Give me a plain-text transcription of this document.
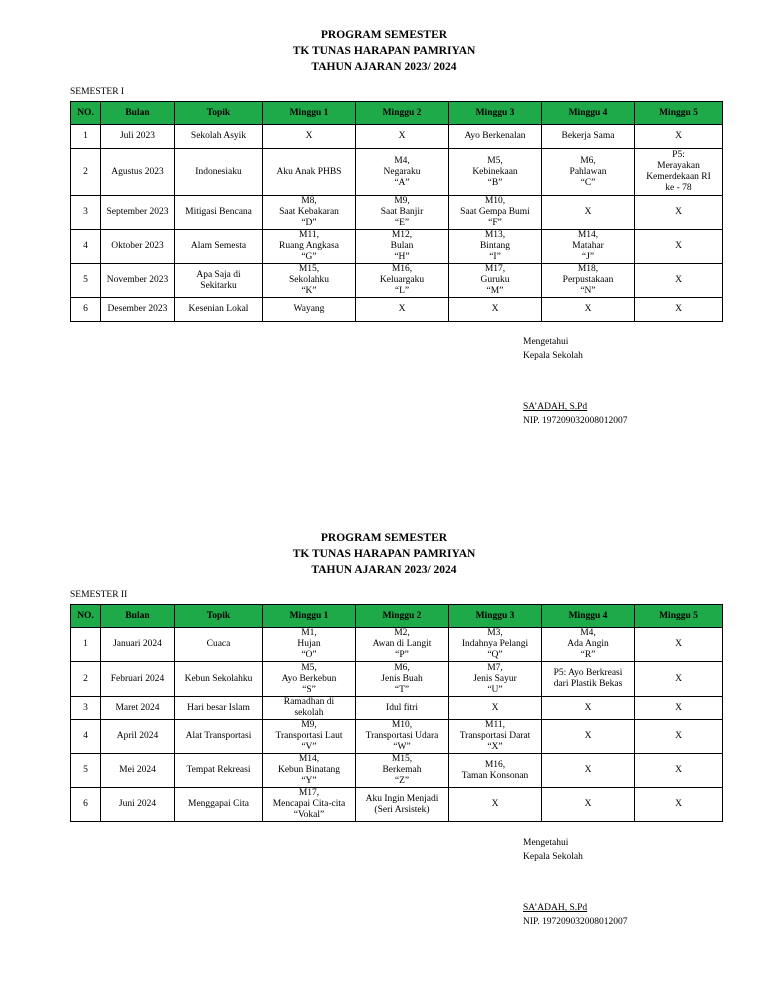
PROGRAM SEMESTER
TK TUNAS HARAPAN PAMRIYAN
TAHUN AJARAN 2023/ 2024
SEMESTER I
NO.	Bulan	Topik	Minggu 1	Minggu 2	Minggu 3	Minggu 4	Minggu 5
1	Juli 2023	Sekolah Asyik	X	X	Ayo Berkenalan	Bekerja Sama	X

2	Agustus 2023	Indonesiaku	Aku Anak PHBS	M4,
Negaraku
“A”	M5,
Kebinekaan
“B”	M6,
Pahlawan
“C”	P5:
Merayakan
Kemerdekaan RI
ke - 78

3	September 2023	Mitigasi Bencana	M8,
Saat Kebakaran
“D”	M9,
Saat Banjir
“E”	M10,
Saat Gempa Bumi
“F”	X	X

4	Oktober 2023	Alam Semesta	M11,
Ruang Angkasa
“G”	M12,
Bulan
“H”	M13,
Bintang
“I”	M14,
Matahar
“J”	X

5	November 2023	Apa Saja di
Sekitarku	M15,
Sekolahku
“K”	M16,
Keluargaku
“L”	M17,
Guruku
“M”	M18,
Perpustakaan
“N”	X

6	Desember 2023	Kesenian Lokal	Wayang	X	X	X	X
Mengetahui
Kepala Sekolah
SA’ADAH, S.Pd
NIP. 197209032008012007
PROGRAM SEMESTER
TK TUNAS HARAPAN PAMRIYAN
TAHUN AJARAN 2023/ 2024
SEMESTER II
NO.	Bulan	Topik	Minggu 1	Minggu 2	Minggu 3	Minggu 4	Minggu 5
1	Januari 2024	Cuaca	M1,
Hujan
“O”	M2,
Awan di Langit
“P”	M3,
Indahnya Pelangi
“Q”	M4,
Ada Angin
“R”	X

2	Februari 2024	Kebun Sekolahku	M5,
Ayo Berkebun
“S”	M6,
Jenis Buah
“T”	M7,
Jenis Sayur
“U”	P5: Ayo Berkreasi
dari Plastik Bekas	X

3	Maret 2024	Hari besar Islam	Ramadhan di
sekolah	Idul fitri	X	X	X

4	April 2024	Alat Transportasi	M9,
Transportasi Laut
“V”	M10,
Transportasi Udara
“W”	M11,
Transportasi Darat
“X”	X	X

5	Mei 2024	Tempat Rekreasi	M14,
Kebun Binatang
“Y”	M15,
Berkemah
“Z”	M16,
Taman Konsonan	X	X

6	Juni 2024	Menggapai Cita	M17,
Mencapai Cita-cita
“Vokal”	Aku Ingin Menjadi
(Seri Arsistek)	X	X	X
Mengetahui
Kepala Sekolah
SA’ADAH, S.Pd
NIP. 197209032008012007
